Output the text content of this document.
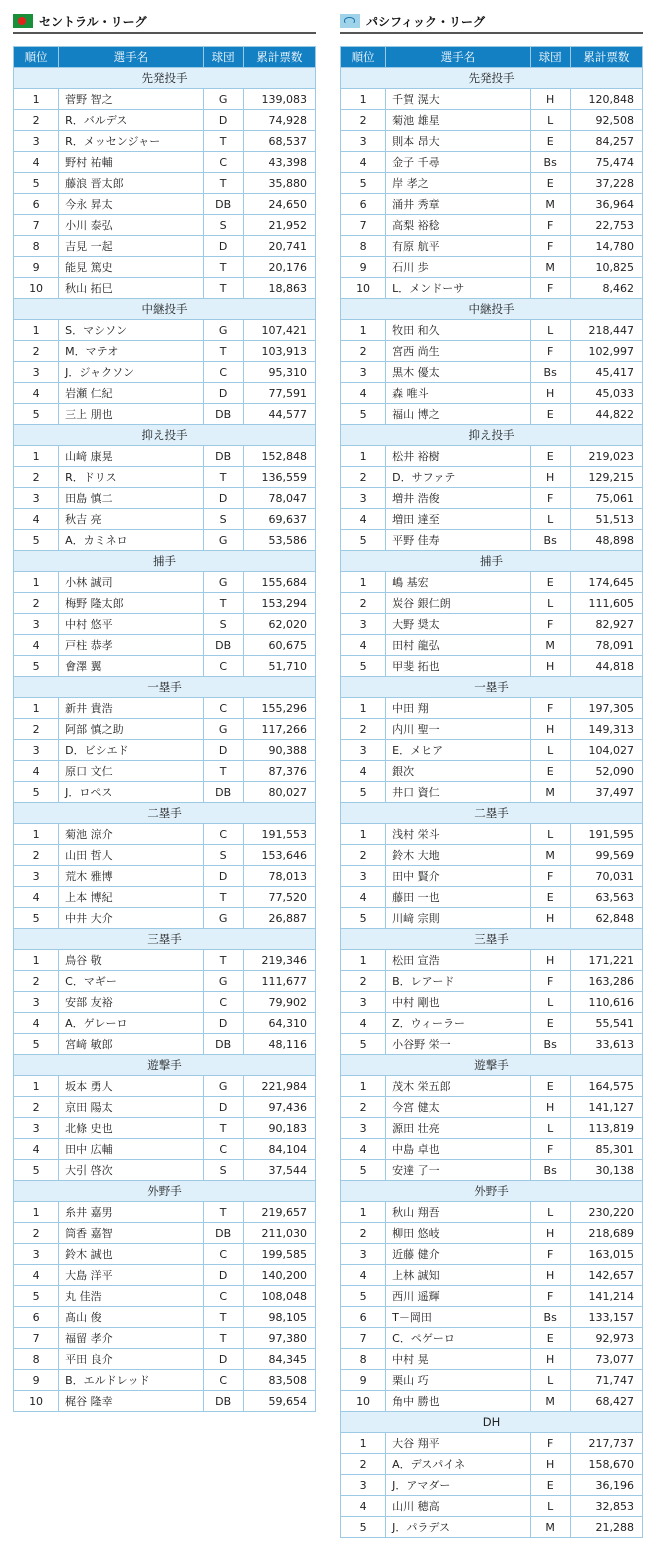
セントラル・リーグ
順位	選手名	球団	累計票数
先発投手			
1	菅野 智之	G	139,083
2	R．バルデス	D	74,928
3	R．メッセンジャー	T	68,537
4	野村 祐輔	C	43,398
5	藤浪 晋太郎	T	35,880
6	今永 昇太	DB	24,650
7	小川 泰弘	S	21,952
8	吉見 一起	D	20,741
9	能見 篤史	T	20,176
10	秋山 拓巳	T	18,863
中継投手			
1	S．マシソン	G	107,421
2	M．マテオ	T	103,913
3	J．ジャクソン	C	95,310
4	岩瀬 仁紀	D	77,591
5	三上 朋也	DB	44,577
抑え投手			
1	山﨑 康晃	DB	152,848
2	R．ドリス	T	136,559
3	田島 慎二	D	78,047
4	秋吉 亮	S	69,637
5	A．カミネロ	G	53,586
捕手			
1	小林 誠司	G	155,684
2	梅野 隆太郎	T	153,294
3	中村 悠平	S	62,020
4	戸柱 恭孝	DB	60,675
5	會澤 翼	C	51,710
一塁手			
1	新井 貴浩	C	155,296
2	阿部 慎之助	G	117,266
3	D．ビシエド	D	90,388
4	原口 文仁	T	87,376
5	J．ロペス	DB	80,027
二塁手			
1	菊池 涼介	C	191,553
2	山田 哲人	S	153,646
3	荒木 雅博	D	78,013
4	上本 博紀	T	77,520
5	中井 大介	G	26,887
三塁手			
1	鳥谷 敬	T	219,346
2	C．マギー	G	111,677
3	安部 友裕	C	79,902
4	A．ゲレーロ	D	64,310
5	宮﨑 敏郎	DB	48,116
遊撃手			
1	坂本 勇人	G	221,984
2	京田 陽太	D	97,436
3	北條 史也	T	90,183
4	田中 広輔	C	84,104
5	大引 啓次	S	37,544
外野手			
1	糸井 嘉男	T	219,657
2	筒香 嘉智	DB	211,030
3	鈴木 誠也	C	199,585
4	大島 洋平	D	140,200
5	丸 佳浩	C	108,048
6	髙山 俊	T	98,105
7	福留 孝介	T	97,380
8	平田 良介	D	84,345
9	B．エルドレッド	C	83,508
10	梶谷 隆幸	DB	59,654
パシフィック・リーグ
順位	選手名	球団	累計票数
先発投手			
1	千賀 滉大	H	120,848
2	菊池 雄星	L	92,508
3	則本 昂大	E	84,257
4	金子 千尋	Bs	75,474
5	岸 孝之	E	37,228
6	涌井 秀章	M	36,964
7	高梨 裕稔	F	22,753
8	有原 航平	F	14,780
9	石川 歩	M	10,825
10	L．メンドーサ	F	8,462
中継投手			
1	牧田 和久	L	218,447
2	宮西 尚生	F	102,997
3	黒木 優太	Bs	45,417
4	森 唯斗	H	45,033
5	福山 博之	E	44,822
抑え投手			
1	松井 裕樹	E	219,023
2	D．サファテ	H	129,215
3	増井 浩俊	F	75,061
4	増田 達至	L	51,513
5	平野 佳寿	Bs	48,898
捕手			
1	嶋 基宏	E	174,645
2	炭谷 銀仁朗	L	111,605
3	大野 奨太	F	82,927
4	田村 龍弘	M	78,091
5	甲斐 拓也	H	44,818
一塁手			
1	中田 翔	F	197,305
2	内川 聖一	H	149,313
3	E．メヒア	L	104,027
4	銀次	E	52,090
5	井口 資仁	M	37,497
二塁手			
1	浅村 栄斗	L	191,595
2	鈴木 大地	M	99,569
3	田中 賢介	F	70,031
4	藤田 一也	E	63,563
5	川﨑 宗則	H	62,848
三塁手			
1	松田 宣浩	H	171,221
2	B．レアード	F	163,286
3	中村 剛也	L	110,616
4	Z．ウィーラー	E	55,541
5	小谷野 栄一	Bs	33,613
遊撃手			
1	茂木 栄五郎	E	164,575
2	今宮 健太	H	141,127
3	源田 壮亮	L	113,819
4	中島 卓也	F	85,301
5	安達 了一	Bs	30,138
外野手			
1	秋山 翔吾	L	230,220
2	柳田 悠岐	H	218,689
3	近藤 健介	F	163,015
4	上林 誠知	H	142,657
5	西川 遥輝	F	141,214
6	T－岡田	Bs	133,157
7	C．ペゲーロ	E	92,973
8	中村 晃	H	73,077
9	栗山 巧	L	71,747
10	角中 勝也	M	68,427
DH			
1	大谷 翔平	F	217,737
2	A．デスパイネ	H	158,670
3	J．アマダー	E	36,196
4	山川 穂高	L	32,853
5	J．パラデス	M	21,288
